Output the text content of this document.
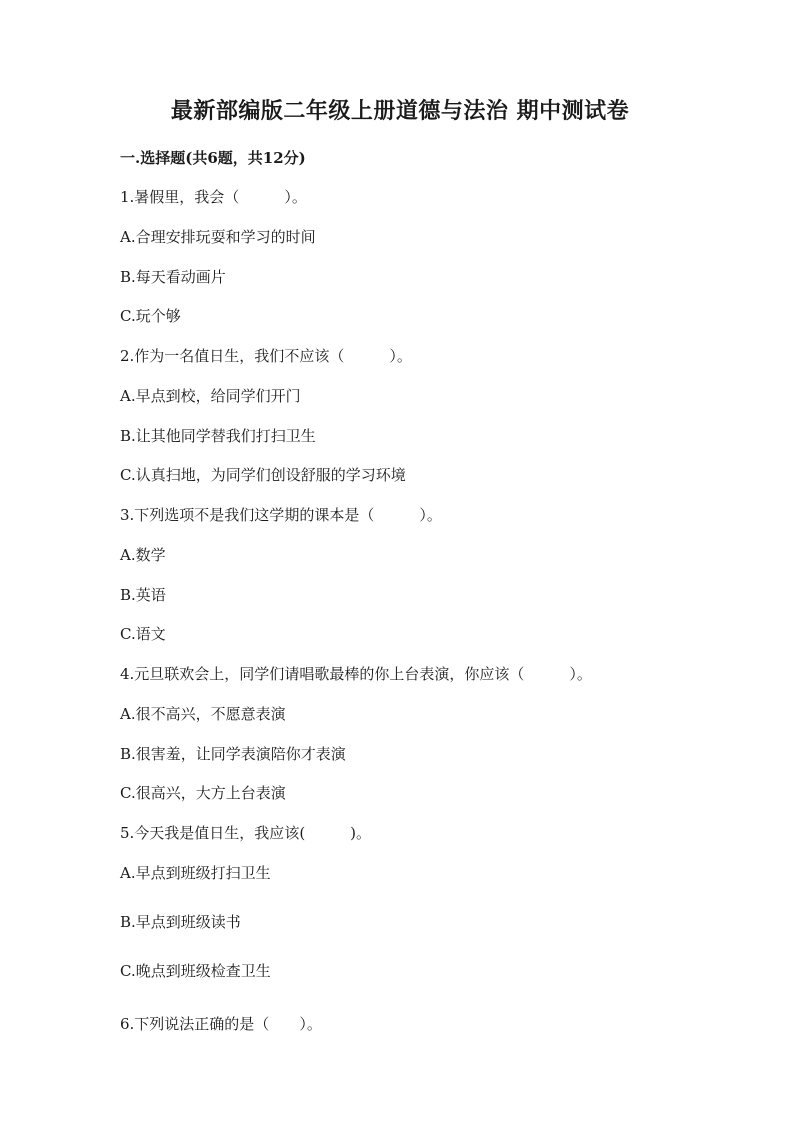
最新部编版二年级上册道德与法治 期中测试卷
一.选择题(共6题，共12分)
1.暑假里，我会（　　　）。
A.合理安排玩耍和学习的时间
B.每天看动画片
C.玩个够
2.作为一名值日生，我们不应该（　　　）。
A.早点到校，给同学们开门
B.让其他同学替我们打扫卫生
C.认真扫地，为同学们创设舒服的学习环境
3.下列选项不是我们这学期的课本是（　　　）。
A.数学
B.英语
C.语文
4.元旦联欢会上，同学们请唱歌最棒的你上台表演，你应该（　　　）。
A.很不高兴，不愿意表演
B.很害羞，让同学表演陪你才表演
C.很高兴，大方上台表演
5.今天我是值日生，我应该(　　　)。
A.早点到班级打扫卫生
B.早点到班级读书
C.晚点到班级检查卫生
6.下列说法正确的是（　　）。
